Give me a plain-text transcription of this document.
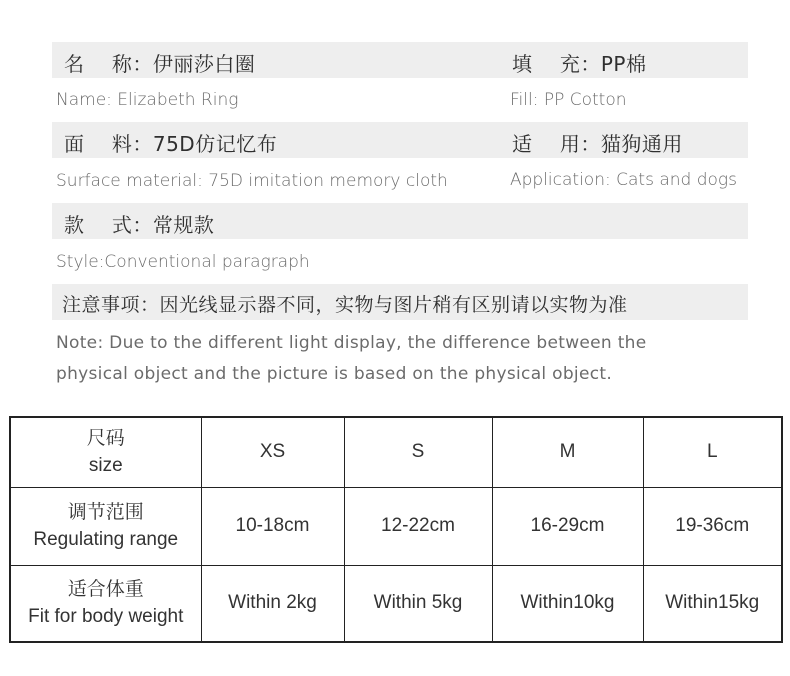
名　 称：伊丽莎白圈	填　 充：PP棉
Name: Elizabeth Ring	Fill: PP Cotton
面　 料：75D仿记忆布	适　 用：猫狗通用
Surface material: 75D imitation memory cloth	Application: Cats and dogs
款　 式：常规款
Style:Conventional paragraph
注意事项：因光线显示器不同，实物与图片稍有区别请以实物为准
Note: Due to the different light display, the difference between the
physical object and the picture is based on the physical object.
尺码
size	XS	S	M	L

调节范围
Regulating range	10-18cm	12-22cm	16-29cm	19-36cm

适合体重
Fit for body weight	Within 2kg	Within 5kg	Within10kg	Within15kg
